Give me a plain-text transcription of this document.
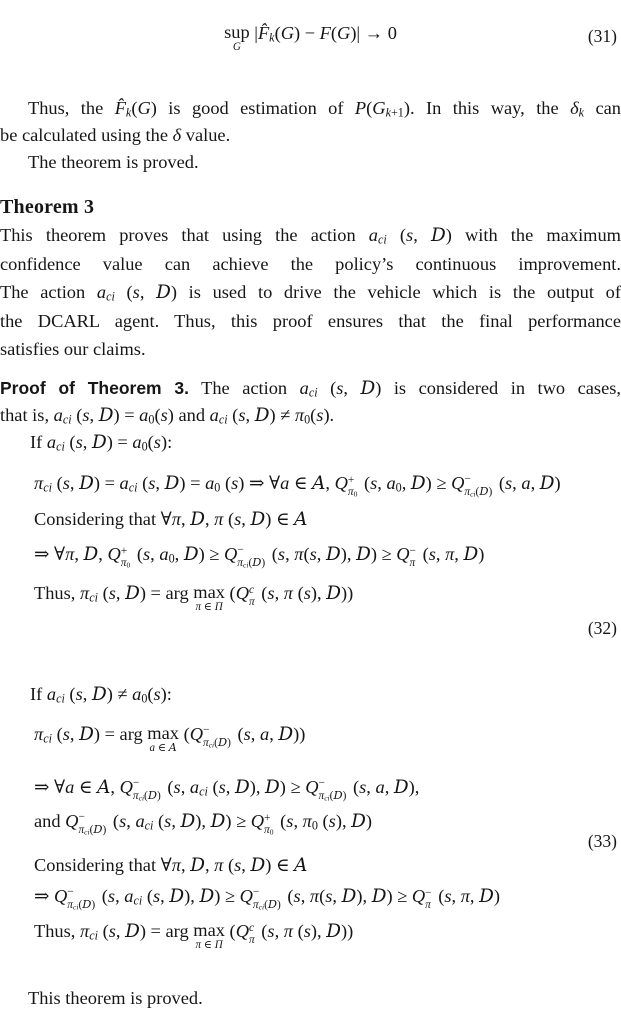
sup
G
$|F̂_k(G) - F(G)| \to 0$	(31)
Thus, the $F̂_k(G)$ is good estimation of $P(G_{k+1})$. In this way, the $\delta_k$ can
be calculated using the δ value.
The theorem is proved.
Theorem 3
This theorem proves that using the action $a_{ci}$ (s, D) with the maximum
confidence value can achieve the policy’s continuous improvement.
The action $a_{ci}$ (s, D) is used to drive the vehicle which is the output of
the DCARL agent. Thus, this proof ensures that the final performance
satisfies our claims.
Proof of Theorem 3. The action $a_{ci}$ (s, D) is considered in two cases,
that is, $a_{ci}$ (s, $D) = a_0(s)$ and $a_{ci}$ (s, $D) \ne \pi_0(s)$.
If $a_{ci}$ (s, $D) = a_0(s)$:
$\pi_{ci}$ (s, $D) = a_{ci}$ (s, $D) = a_0$ (s) ⇒ ∀a ∈ A, Q +
$\pi_0$
(s, $a_0$, D) ≥ Q −
$\pi_{ci}(D)$ (s, a, D)
Considering that ∀π, D, π (s, D) ∈ A
⇒ ∀π, D, Q +
$\pi_0$
(s, $a_0$, D) ≥ Q −
$\pi_{ci}(D)$ (s, π(s, D), D) ≥ Q −
π (s, π, D)
Thus, $\pi_{ci}$ (s, D) = arg max
π ∈ Π
(Q c
π (s, π (s), D))
(32)
If $a_{ci}$ (s, $D) \ne a_0(s)$:
$\pi_{ci}$ (s, D) = arg max
a ∈ A
(Q −
$\pi_{ci}(D)$ (s, a, D))
⇒ ∀a ∈ A, Q −
$\pi_{ci}(D)$ (s, $a_{ci}$ (s, D), D) ≥ Q −
$\pi_{ci}(D)$ (s, a, D),
and Q −
$\pi_{ci}(D)$ (s, $a_{ci}$ (s, D), D) ≥ Q +
$\pi_0$
(s, $\pi_0$ (s), D)
(33)
Considering that ∀π, D, π (s, D) ∈ A
⇒ Q −
$\pi_{ci}(D)$ (s, $a_{ci}$ (s, D), D) ≥ Q −
$\pi_{ci}(D)$ (s, π(s, D), D) ≥ Q −
π (s, π, D)
Thus, $\pi_{ci}$ (s, D) = arg max
π ∈ Π
(Q c
π (s, π (s), D))
This theorem is proved.
